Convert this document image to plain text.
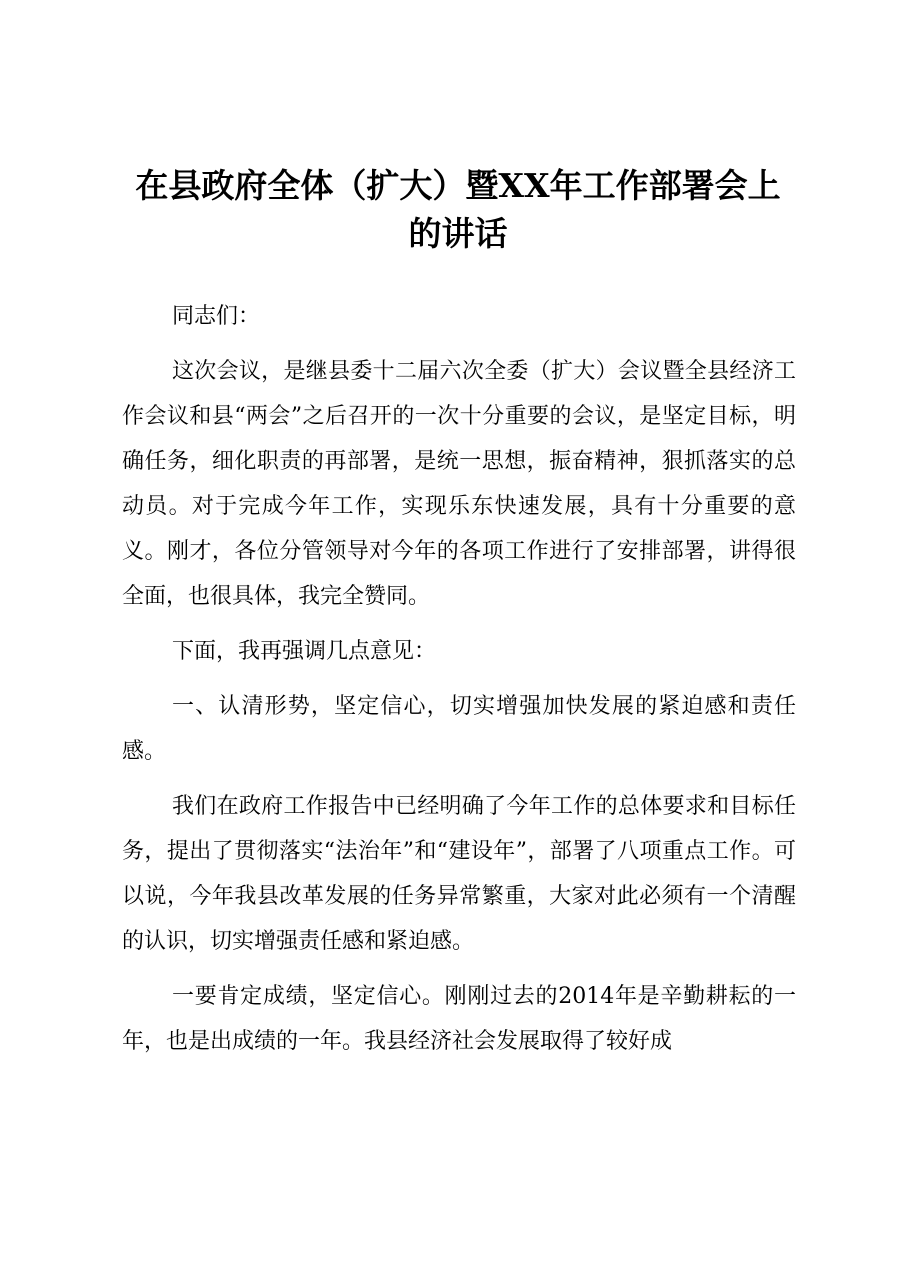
在县政府全体（扩大）暨XX年工作部署会上
的讲话

同志们：

这次会议，是继县委十二届六次全委（扩大）会议暨全县经济工作会议和县“两会”之后召开的一次十分重要的会议，是坚定目标，明确任务，细化职责的再部署，是统一思想，振奋精神，狠抓落实的总动员。对于完成今年工作，实现乐东快速发展，具有十分重要的意义。刚才，各位分管领导对今年的各项工作进行了安排部署，讲得很全面，也很具体，我完全赞同。

下面，我再强调几点意见：

一、认清形势，坚定信心，切实增强加快发展的紧迫感和责任感。

我们在政府工作报告中已经明确了今年工作的总体要求和目标任务，提出了贯彻落实“法治年”和“建设年”，部署了八项重点工作。可以说，今年我县改革发展的任务异常繁重，大家对此必须有一个清醒的认识，切实增强责任感和紧迫感。

一要肯定成绩，坚定信心。刚刚过去的2014年是辛勤耕耘的一年，也是出成绩的一年。我县经济社会发展取得了较好成
